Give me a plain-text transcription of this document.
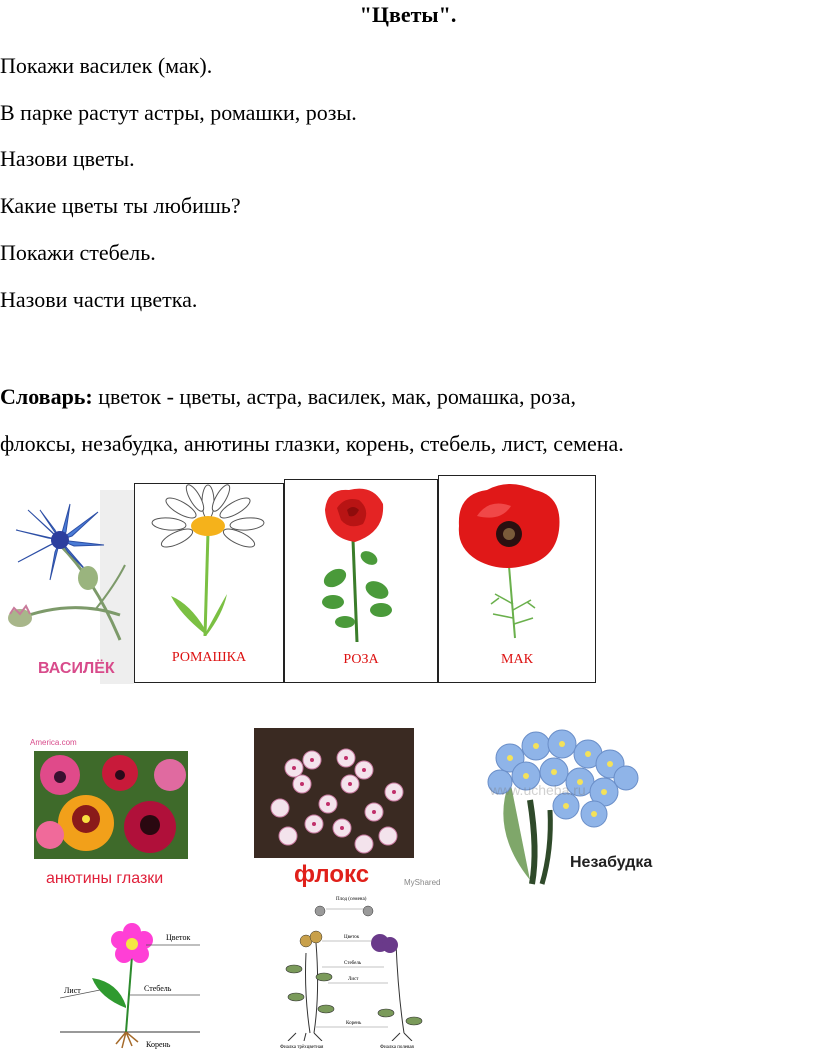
"Цветы".
Покажи василек (мак).
В парке растут астры, ромашки, розы.
Назови цветы.
Какие цветы ты любишь?
Покажи стебель.
Назови части цветка.
Словарь: цветок - цветы, астра, василек, мак, ромашка, роза,
флоксы, незабудка, анютины глазки, корень, стебель, лист, семена.
ВАСИЛЁК
РОМАШКА	РОЗА	МАК
America.com
анютины глазки	флокс	MyShared
www.ucheba.ru
Незабудка
Цветок
Стебель
Лист
Корень
Плод (семена)
Цветок
Стебель
Лист
Корень
Фиалка трёхцветная	Фиалка полевая
